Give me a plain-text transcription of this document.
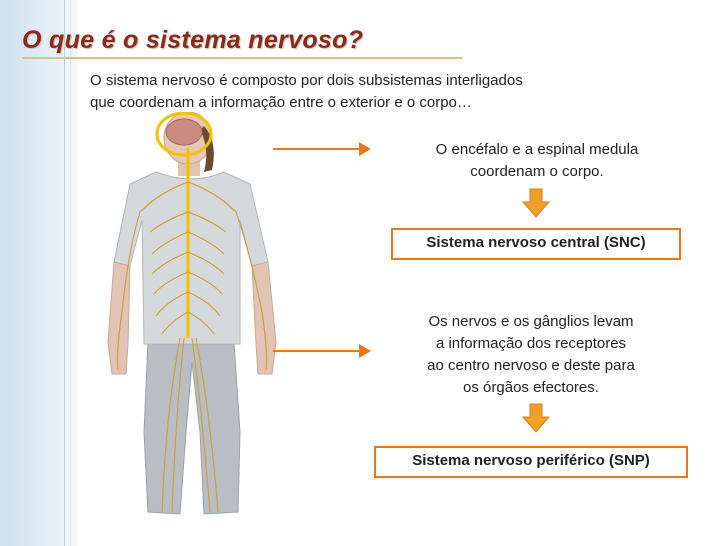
O que é o sistema nervoso?
O sistema nervoso é composto por dois subsistemas interligados
que coordenam a informação entre o exterior e o corpo…
O encéfalo e a espinal medula
coordenam o corpo.
Sistema nervoso central (SNC)
Os nervos e os gânglios levam
a informação dos receptores
ao centro nervoso e deste para
os órgãos efectores.
Sistema nervoso periférico (SNP)
